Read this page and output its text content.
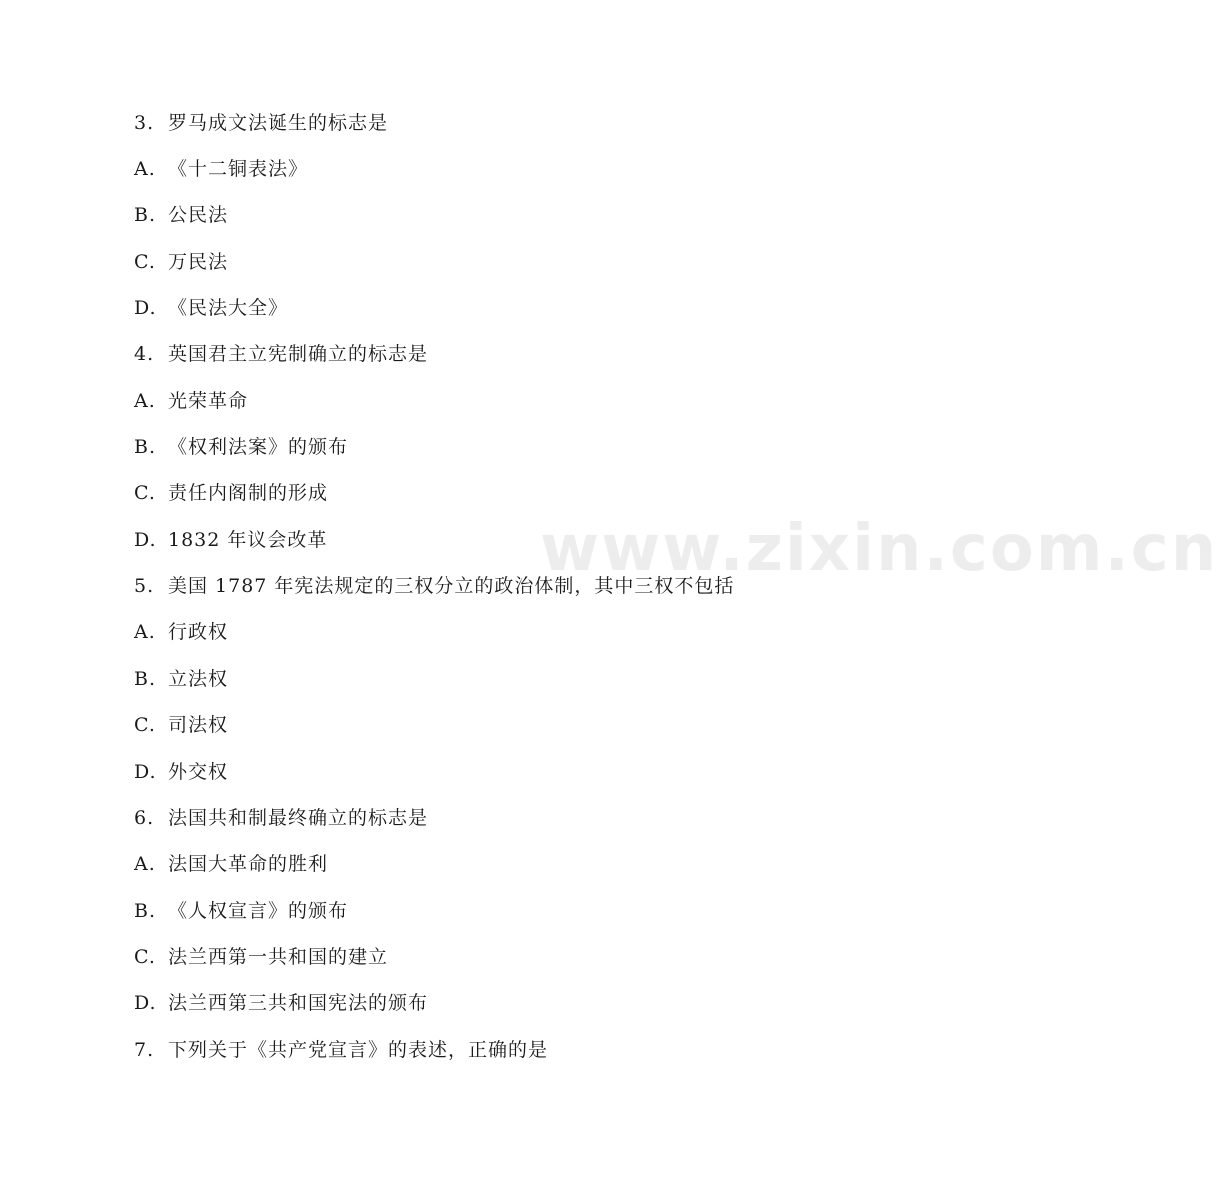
www.zixin.com.cn
3. 罗马成文法诞生的标志是
A. 《十二铜表法》
B. 公民法
C. 万民法
D. 《民法大全》
4. 英国君主立宪制确立的标志是
A. 光荣革命
B. 《权利法案》的颁布
C. 责任内阁制的形成
D. 1832 年议会改革
5. 美国 1787 年宪法规定的三权分立的政治体制，其中三权不包括
A. 行政权
B. 立法权
C. 司法权
D. 外交权
6. 法国共和制最终确立的标志是
A. 法国大革命的胜利
B. 《人权宣言》的颁布
C. 法兰西第一共和国的建立
D. 法兰西第三共和国宪法的颁布
7. 下列关于《共产党宣言》的表述，正确的是
